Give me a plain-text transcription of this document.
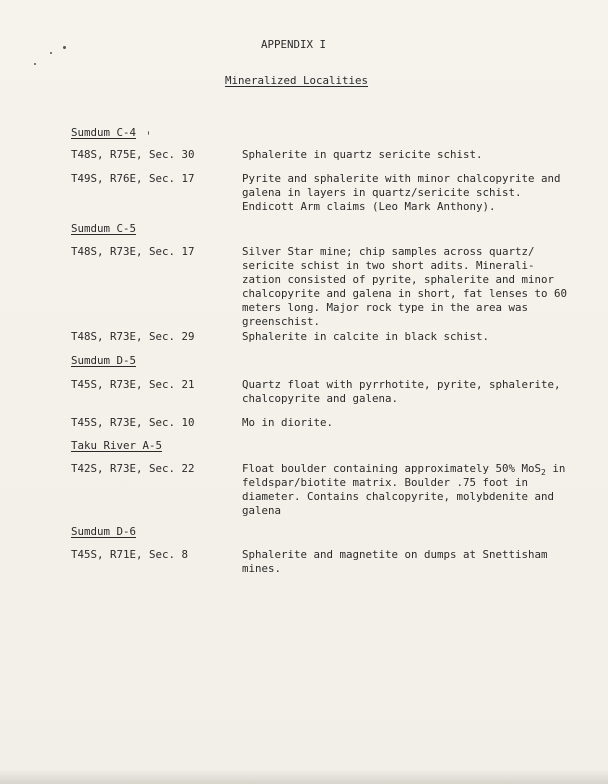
APPENDIX I
Mineralized Localities
Sumdum C-4
T48S, R75E, Sec. 30	Sphalerite in quartz sericite schist.
T49S, R76E, Sec. 17	Pyrite and sphalerite with minor chalcopyrite and galena in layers in quartz/sericite schist. Endicott Arm claims (Leo Mark Anthony).
Sumdum C-5
T48S, R73E, Sec. 17	Silver Star mine; chip samples across quartz/ sericite schist in two short adits. Minerali- zation consisted of pyrite, sphalerite and minor chalcopyrite and galena in short, fat lenses to 60 meters long. Major rock type in the area was greenschist.
T48S, R73E, Sec. 29	Sphalerite in calcite in black schist.
Sumdum D-5
T45S, R73E, Sec. 21	Quartz float with pyrrhotite, pyrite, sphalerite, chalcopyrite and galena.
T45S, R73E, Sec. 10	Mo in diorite.
Taku River A-5
T42S, R73E, Sec. 22	Float boulder containing approximately 50% MoS$_2$ in feldspar/biotite matrix. Boulder .75 foot in diameter. Contains chalcopyrite, molybdenite and galena
Sumdum D-6
T45S, R71E, Sec. 8	Sphalerite and magnetite on dumps at Snettisham mines.
